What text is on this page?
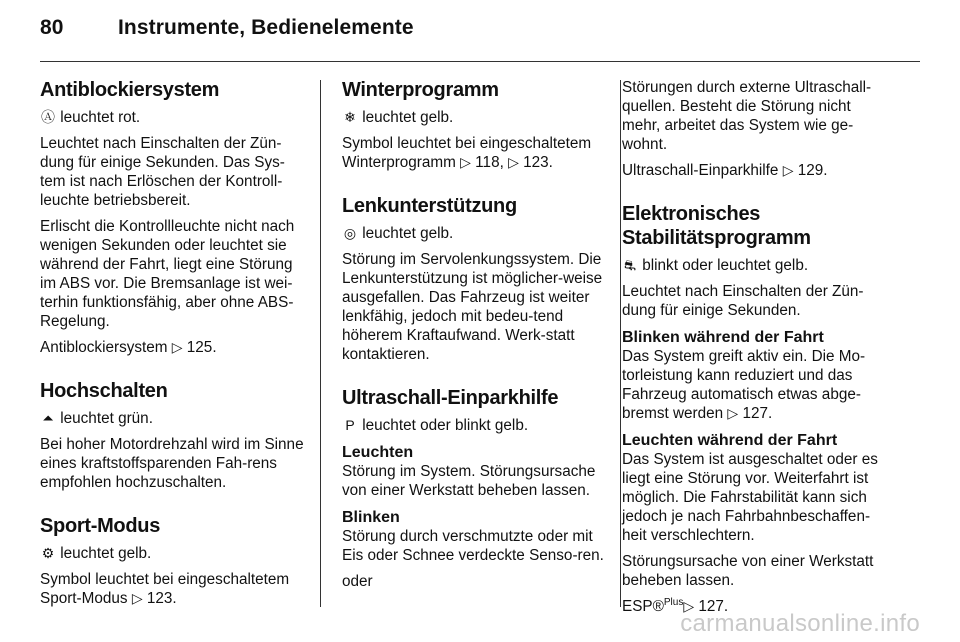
80	Instrumente, Bedienelemente
Antiblockiersystem

Ⓐ leuchtet rot.

Leuchtet nach Einschalten der Zün-dung für einige Sekunden. Das Sys-tem ist nach Erlöschen der Kontroll-leuchte betriebsbereit.

Erlischt die Kontrollleuchte nicht nach wenigen Sekunden oder leuchtet sie während der Fahrt, liegt eine Störung im ABS vor. Die Bremsanlage ist wei-terhin funktionsfähig, aber ohne ABS-Regelung.

Antiblockiersystem ▷ 125.

Hochschalten

⏶ leuchtet grün.

Bei hoher Motordrehzahl wird im Sinne eines kraftstoffsparenden Fah-rens empfohlen hochzuschalten.

Sport-Modus

⚙ leuchtet gelb.

Symbol leuchtet bei eingeschaltetem Sport-Modus ▷ 123.

Winterprogramm

❄ leuchtet gelb.

Symbol leuchtet bei eingeschaltetem Winterprogramm ▷ 118, ▷ 123.

Lenkunterstützung

◎ leuchtet gelb.

Störung im Servolenkungssystem. Die Lenkunterstützung ist möglicher-weise ausgefallen. Das Fahrzeug ist weiter lenkfähig, jedoch mit bedeu-tend höherem Kraftaufwand. Werk-statt kontaktieren.

Ultraschall-Einparkhilfe

P leuchtet oder blinkt gelb.

Leuchten

Störung im System. Störungsursache von einer Werkstatt beheben lassen.

Blinken

Störung durch verschmutzte oder mit Eis oder Schnee verdeckte Senso-ren.

oder

Störungen durch externe Ultraschall-quellen. Besteht die Störung nicht mehr, arbeitet das System wie ge-wohnt.

Ultraschall-Einparkhilfe ▷ 129.

Elektronisches
Stabilitätsprogramm

⛐ blinkt oder leuchtet gelb.

Leuchtet nach Einschalten der Zün-dung für einige Sekunden.

Blinken während der Fahrt

Das System greift aktiv ein. Die Mo-torleistung kann reduziert und das Fahrzeug automatisch etwas abge-bremst werden ▷ 127.

Leuchten während der Fahrt

Das System ist ausgeschaltet oder es liegt eine Störung vor. Weiterfahrt ist möglich. Die Fahrstabilität kann sich jedoch je nach Fahrbahnbeschaffen-heit verschlechtern.

Störungsursache von einer Werkstatt beheben lassen.

ESP®$^{Plus}$▷ 127.

carmanualsonline.info
